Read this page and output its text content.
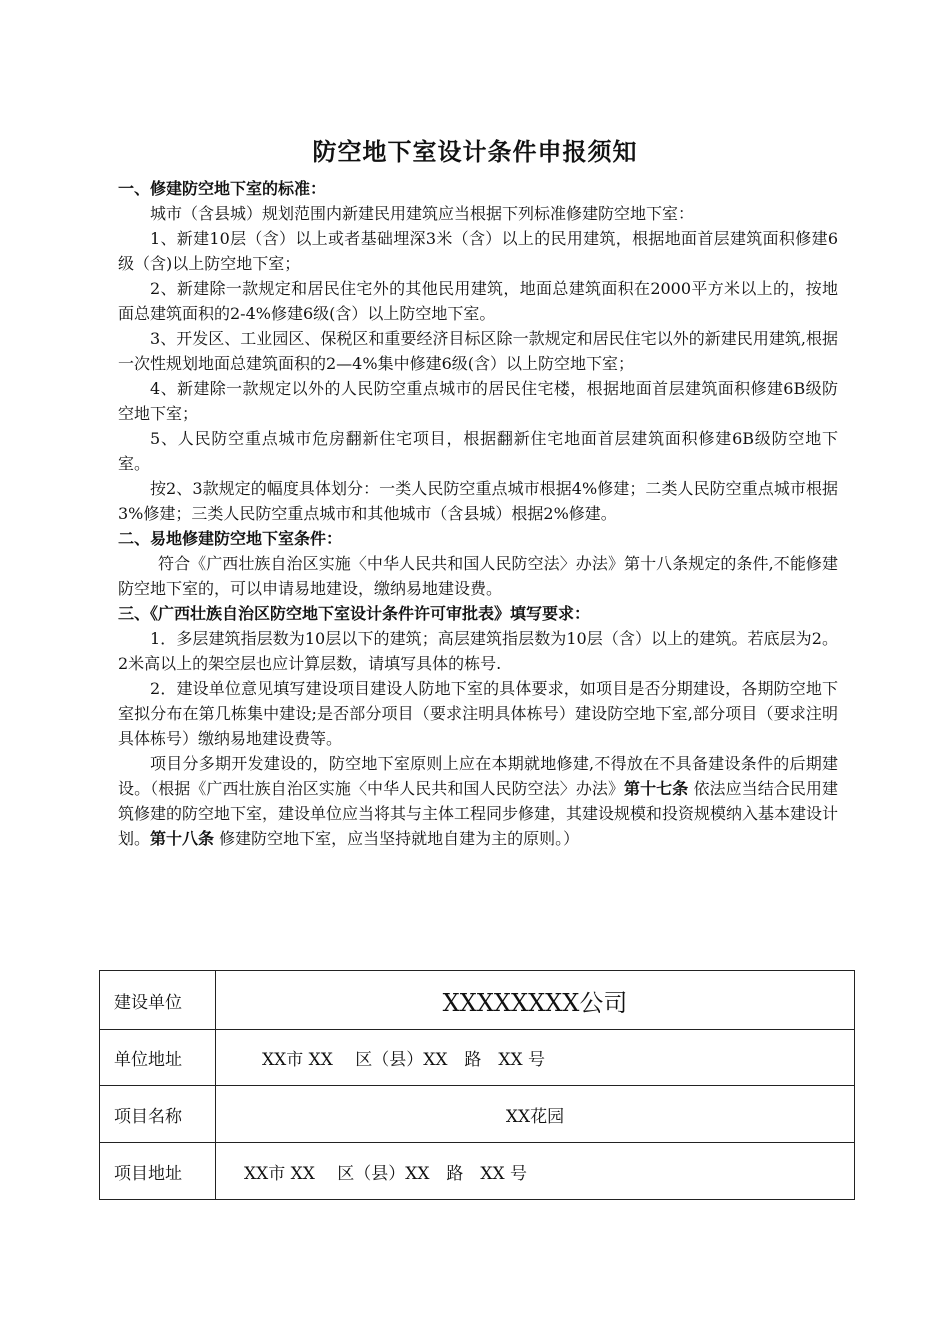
防空地下室设计条件申报须知

一、修建防空地下室的标准：

城市（含县城）规划范围内新建民用建筑应当根据下列标准修建防空地下室：

1、新建10层（含）以上或者基础埋深3米（含）以上的民用建筑，根据地面首层建筑面积修建6级（含)以上防空地下室；

2、新建除一款规定和居民住宅外的其他民用建筑，地面总建筑面积在2000平方米以上的，按地面总建筑面积的2-4%修建6级(含）以上防空地下室。

3、开发区、工业园区、保税区和重要经济目标区除一款规定和居民住宅以外的新建民用建筑,根据一次性规划地面总建筑面积的2—4%集中修建6级(含）以上防空地下室；

4、新建除一款规定以外的人民防空重点城市的居民住宅楼，根据地面首层建筑面积修建6B级防空地下室；

5、人民防空重点城市危房翻新住宅项目，根据翻新住宅地面首层建筑面积修建6B级防空地下室。

按2、3款规定的幅度具体划分：一类人民防空重点城市根据4%修建；二类人民防空重点城市根据3%修建；三类人民防空重点城市和其他城市（含县城）根据2%修建。

二、易地修建防空地下室条件：

符合《广西壮族自治区实施〈中华人民共和国人民防空法〉办法》第十八条规定的条件,不能修建防空地下室的，可以申请易地建设，缴纳易地建设费。

三、《广西壮族自治区防空地下室设计条件许可审批表》填写要求：

1．多层建筑指层数为10层以下的建筑；高层建筑指层数为10层（含）以上的建筑。若底层为2。2米高以上的架空层也应计算层数，请填写具体的栋号.

2．建设单位意见填写建设项目建设人防地下室的具体要求，如项目是否分期建设，各期防空地下室拟分布在第几栋集中建设;是否部分项目（要求注明具体栋号）建设防空地下室,部分项目（要求注明具体栋号）缴纳易地建设费等。

项目分多期开发建设的，防空地下室原则上应在本期就地修建,不得放在不具备建设条件的后期建设。（根据《广西壮族自治区实施〈中华人民共和国人民防空法〉办法》第十七条 依法应当结合民用建筑修建的防空地下室，建设单位应当将其与主体工程同步修建，其建设规模和投资规模纳入基本建设计划。第十八条 修建防空地下室，应当坚持就地自建为主的原则。）

建设单位	XXXXXXXX公司
单位地址	XX市 XX　 区（县）XX　路　XX 号
项目名称	XX花园
项目地址	XX市 XX　 区（县）XX　路　XX 号
